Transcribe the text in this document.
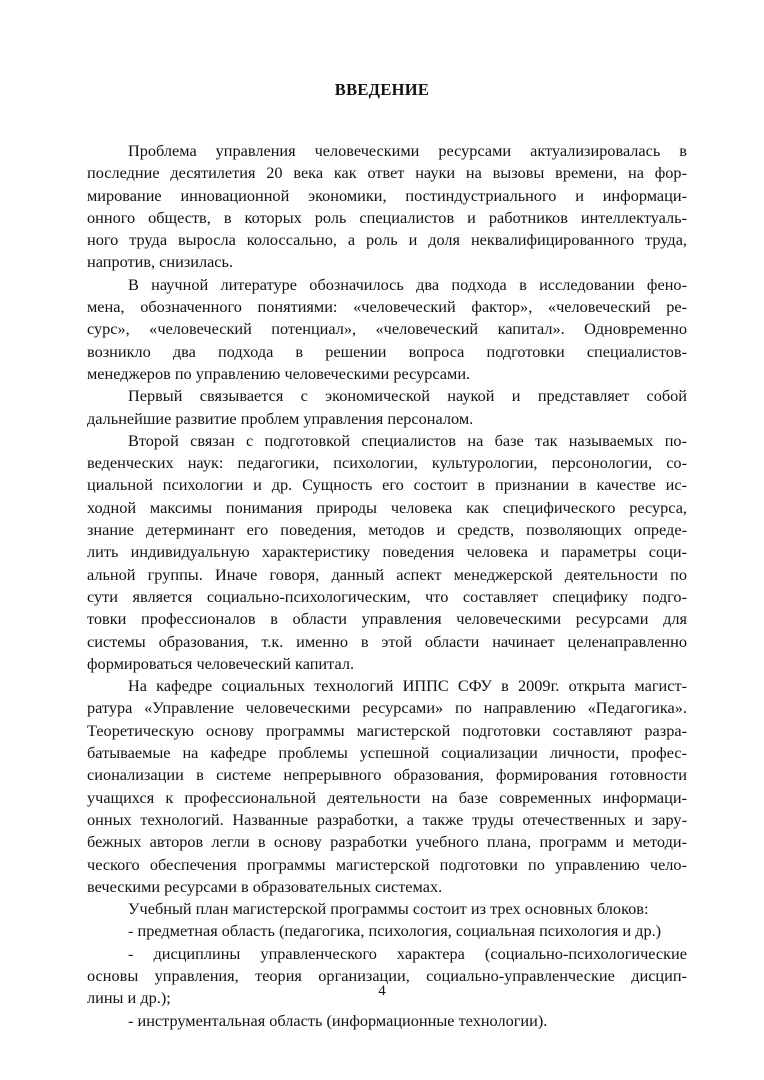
ВВЕДЕНИЕ
Проблема управления человеческими ресурсами актуализировалась в
последние десятилетия 20 века как ответ науки на вызовы времени, на фор-
мирование инновационной экономики, постиндустриального и информаци-
онного обществ, в которых роль специалистов и работников интеллектуаль-
ного труда выросла колоссально, а роль и доля неквалифицированного труда,
напротив, снизилась.
В научной литературе обозначилось два подхода в исследовании фено-
мена, обозначенного понятиями: «человеческий фактор», «человеческий ре-
сурс», «человеческий потенциал», «человеческий капитал». Одновременно
возникло два подхода в решении вопроса подготовки специалистов-
менеджеров по управлению человеческими ресурсами.
Первый связывается с экономической наукой и представляет собой
дальнейшие развитие проблем управления персоналом.
Второй связан с подготовкой специалистов на базе так называемых по-
веденческих наук: педагогики, психологии, культурологии, персонологии, со-
циальной психологии и др. Сущность его состоит в признании в качестве ис-
ходной максимы понимания природы человека как специфического ресурса,
знание детерминант его поведения, методов и средств, позволяющих опреде-
лить индивидуальную характеристику поведения человека и параметры соци-
альной группы. Иначе говоря, данный аспект менеджерской деятельности по
сути является социально-психологическим, что составляет специфику подго-
товки профессионалов в области управления человеческими ресурсами для
системы образования, т.к. именно в этой области начинает целенаправленно
формироваться человеческий капитал.
На кафедре социальных технологий ИППС СФУ в 2009г. открыта магист-
ратура «Управление человеческими ресурсами» по направлению «Педагогика».
Теоретическую основу программы магистерской подготовки составляют разра-
батываемые на кафедре проблемы успешной социализации личности, профес-
сионализации в системе непрерывного образования, формирования готовности
учащихся к профессиональной деятельности на базе современных информаци-
онных технологий. Названные разработки, а также труды отечественных и зару-
бежных авторов легли в основу разработки учебного плана, программ и методи-
ческого обеспечения программы магистерской подготовки по управлению чело-
веческими ресурсами в образовательных системах.
Учебный план магистерской программы состоит из трех основных блоков:
- предметная область (педагогика, психология, социальная психология и др.)
- дисциплины управленческого характера (социально-психологические
основы управления, теория организации, социально-управленческие дисцип-
лины и др.);
- инструментальная область (информационные технологии).
4
